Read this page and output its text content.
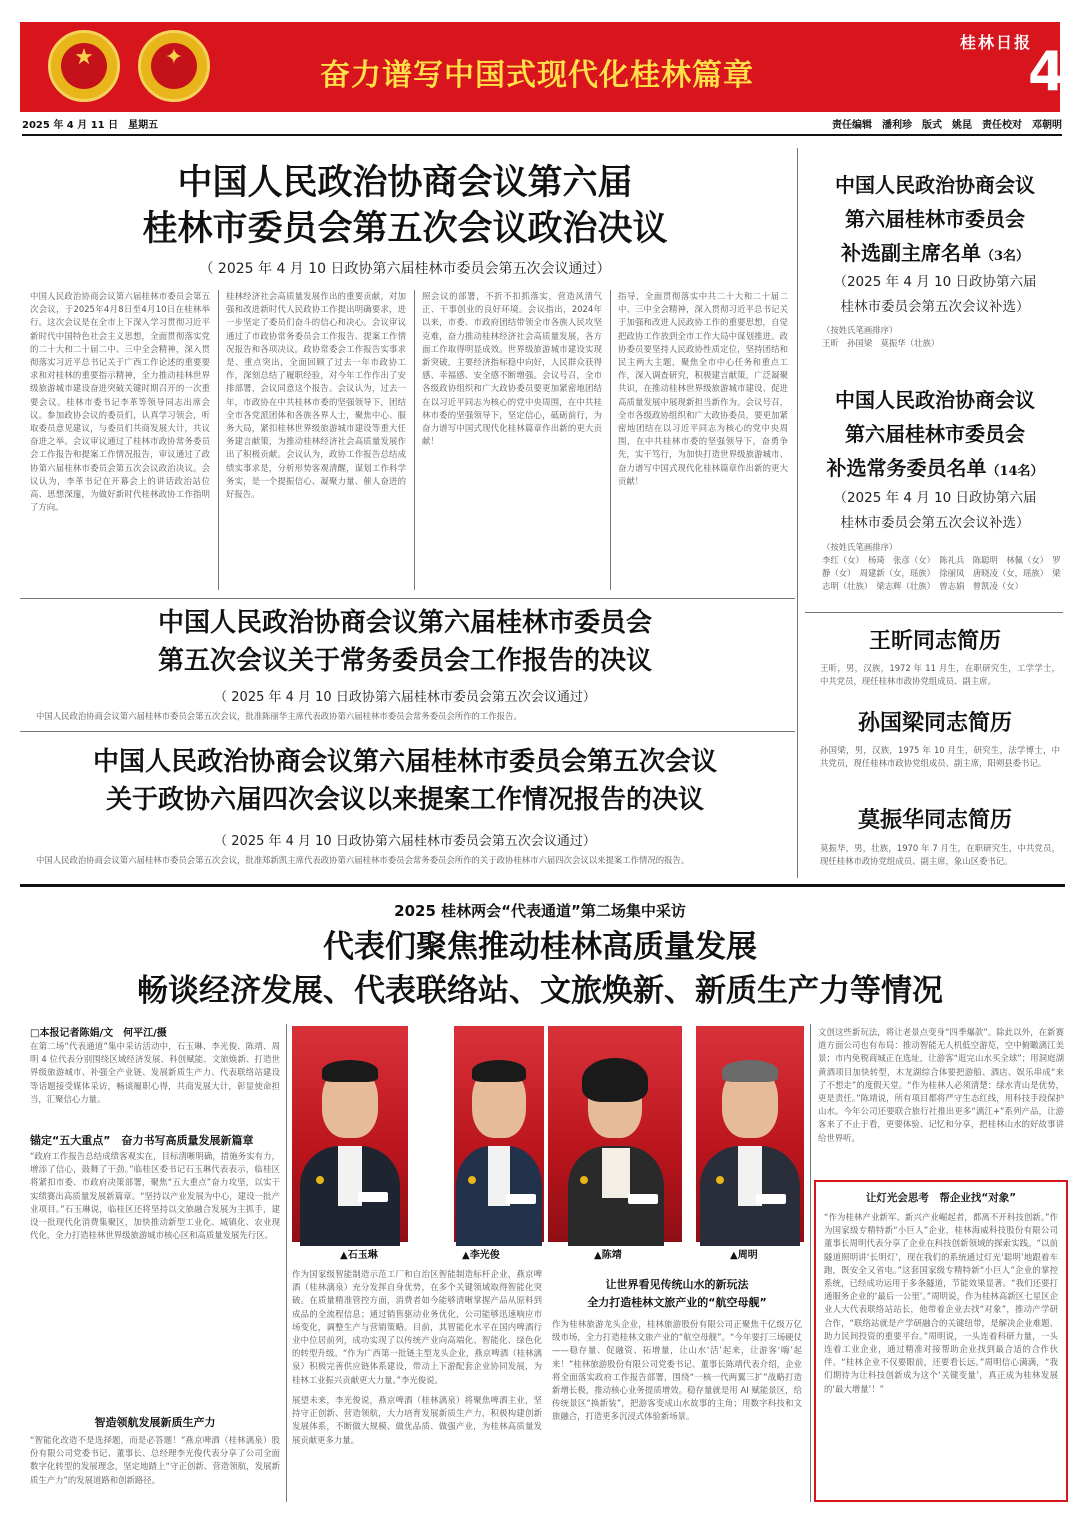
★	✦
奋力谱写中国式现代化桂林篇章
桂林日报
4
2025 年 4 月 11 日　星期五	责任编辑　潘利珍　版式　姚昆　责任校对　邓朝明
中国人民政治协商会议第六届
桂林市委员会第五次会议政治决议
（ 2025 年 4 月 10 日政协第六届桂林市委员会第五次会议通过）
中国人民政治协商会议第六届桂林市委员会第五次会议，于2025年4月8日至4月10日在桂林举行。这次会议是在全市上下深入学习贯彻习近平新时代中国特色社会主义思想，全面贯彻落实党的二十大和二十届二中、三中全会精神，深入贯彻落实习近平总书记关于广西工作论述的重要要求和对桂林的重要指示精神，全力推动桂林世界级旅游城市建设奋进突破关键时期召开的一次重要会议。桂林市委书记李革等领导同志出席会议。参加政协会议的委员们，认真学习领会，听取委员意见建议，与委员们共商发展大计，共议奋进之举。会议审议通过了桂林市政协常务委员会工作报告和提案工作情况报告，审议通过了政协第六届桂林市委员会第五次会议政治决议。会议认为，李革书记在开幕会上的讲话政治站位高、思想深邃，为做好新时代桂林政协工作指明了方向。
桂林经济社会高质量发展作出的重要贡献，对加强和改进新时代人民政协工作提出明确要求，进一步坚定了委员们奋斗的信心和决心。会议审议通过了市政协常务委员会工作报告、提案工作情况报告和各项决议。政协常委会工作报告实事求是、重点突出，全面回顾了过去一年市政协工作，深刻总结了履职经验，对今年工作作出了安排部署，会议同意这个报告。会议认为，过去一年，市政协在中共桂林市委的坚强领导下，团结全市各党派团体和各族各界人士，聚焦中心、服务大局，紧扣桂林世界级旅游城市建设等重大任务建言献策，为推动桂林经济社会高质量发展作出了积极贡献。会议认为，政协工作报告总结成绩实事求是，分析形势客观清醒，谋划工作科学务实，是一个提振信心、凝聚力量、催人奋进的好报告。
照会议的部署，不折不扣抓落实，营造风清气正、干事创业的良好环境。会议指出，2024年以来，市委、市政府团结带领全市各族人民攻坚克难，奋力推动桂林经济社会高质量发展，各方面工作取得明显成效。世界级旅游城市建设实现新突破，主要经济指标稳中向好，人民群众获得感、幸福感、安全感不断增强。会议号召，全市各级政协组织和广大政协委员要更加紧密地团结在以习近平同志为核心的党中央周围，在中共桂林市委的坚强领导下，坚定信心，砥砺前行，为奋力谱写中国式现代化桂林篇章作出新的更大贡献！
指导，全面贯彻落实中共二十大和二十届二中、三中全会精神，深入贯彻习近平总书记关于加强和改进人民政协工作的重要思想，自觉把政协工作放到全市工作大局中谋划推进。政协委员要坚持人民政协性质定位，坚持团结和民主两大主题，聚焦全市中心任务和重点工作，深入调查研究，积极建言献策，广泛凝聚共识，在推动桂林世界级旅游城市建设、促进高质量发展中展现新担当新作为。会议号召，全市各级政协组织和广大政协委员，要更加紧密地团结在以习近平同志为核心的党中央周围，在中共桂林市委的坚强领导下，奋勇争先，实干笃行，为加快打造世界级旅游城市、奋力谱写中国式现代化桂林篇章作出新的更大贡献！
中国人民政治协商会议第六届桂林市委员会
第五次会议关于常务委员会工作报告的决议
（ 2025 年 4 月 10 日政协第六届桂林市委员会第五次会议通过）
中国人民政治协商会议第六届桂林市委员会第五次会议，批准陈丽华主席代表政协第六届桂林市委员会常务委员会所作的工作报告。
中国人民政治协商会议第六届桂林市委员会第五次会议
关于政协六届四次会议以来提案工作情况报告的决议
（ 2025 年 4 月 10 日政协第六届桂林市委员会第五次会议通过）
中国人民政治协商会议第六届桂林市委员会第五次会议，批准郑新凯主席代表政协第六届桂林市委员会常务委员会所作的关于政协桂林市六届四次会议以来提案工作情况的报告。
中国人民政治协商会议
第六届桂林市委员会
补选副主席名单（3名）
（2025 年 4 月 10 日政协第六届
桂林市委员会第五次会议补选）
（按姓氏笔画排序）
王昕　孙国梁　莫振华（壮族）
中国人民政治协商会议
第六届桂林市委员会
补选常务委员名单（14名）
（2025 年 4 月 10 日政协第六届
桂林市委员会第五次会议补选）
（按姓氏笔画排序）
李红（女）　杨琦　张彦（女）　陈礼兵　陈聪明　林佩（女）　罗静（女）　周建新（女，瑶族）　徐丽凤　唐晓凌（女，瑶族）　梁志明（壮族）　梁志辉（壮族）　曾志娟　曾凯凌（女）
王昕同志简历
王昕，男，汉族，1972 年 11 月生，在职研究生，工学学士，中共党员，现任桂林市政协党组成员、副主席。
孙国梁同志简历
孙国梁，男，汉族，1975 年 10 月生，研究生，法学博士，中共党员，现任桂林市政协党组成员、副主席，阳朔县委书记。
莫振华同志简历
莫振华，男，壮族，1970 年 7 月生，在职研究生，中共党员，现任桂林市政协党组成员、副主席，象山区委书记。
2025 桂林两会“代表通道”第二场集中采访
代表们聚焦推动桂林高质量发展
畅谈经济发展、代表联络站、文旅焕新、新质生产力等情况
□本报记者陈娟/文　何平江/摄
在第二场“代表通道”集中采访活动中，石玉琳、李光俊、陈靖、周明 4 位代表分别围绕区域经济发展、科创赋能、文旅焕新、打造世界级旅游城市、补强全产业链、发展新质生产力、代表联络站建设等话题接受媒体采访，畅谈履职心得，共商发展大计，彰显使命担当，汇聚信心力量。
锚定“五大重点”　奋力书写高质量发展新篇章
“政府工作报告总结成绩客观实在，目标清晰明确，措施务实有力，增添了信心，鼓舞了干劲。”临桂区委书记石玉琳代表表示，临桂区将紧扣市委、市政府决策部署，聚焦“五大重点”奋力攻坚，以实干实绩赛出高质量发展新篇章。“坚持以产业发展为中心，建设一批产业项目。”石玉琳说，临桂区还将坚持以文旅融合发展为主抓手，建设一批现代化消费集聚区，加快推动新型工业化、城镇化、农业现代化，全力打造桂林世界级旅游城市核心区和高质量发展先行区。
智造领航发展新质生产力
“智能化改造不是选择题，而是必答题！”燕京啤酒（桂林漓泉）股份有限公司党委书记、董事长、总经理李光俊代表分享了公司全面数字化转型的发展理念，坚定地踏上“守正创新、营造领航，发展新质生产力”的发展道路和创新路径。
▲石玉琳	▲李光俊	▲陈靖	▲周明
作为国家级智能制造示范工厂和自治区智能制造标杆企业，燕京啤酒（桂林漓泉）充分发挥自身优势，在多个关键领域取得智能化突破。在质量精准管控方面，消费者如今能够清晰掌握产品从原料到成品的全流程信息；通过销售驱动业务优化，公司能够迅速响应市场变化，调整生产与营销策略。目前，其智能化水平在国内啤酒行业中位居前列，成功实现了以传统产业向高端化、智能化、绿色化的转型升级。“作为广西第一批链主型龙头企业，燕京啤酒（桂林漓泉）积极完善供应链体系建设，带动上下游配套企业协同发展，为桂林工业振兴贡献更大力量。”李光俊说。
展望未来，李光俊说，燕京啤酒（桂林漓泉）将聚焦啤酒主业，坚持守正创新、营造领航，大力培育发展新质生产力，积极构建创新发展体系，不断做大规模、做优品质、做强产业，为桂林高质量发展贡献更多力量。
让世界看见传统山水的新玩法
全力打造桂林文旅产业的“航空母舰”
作为桂林旅游龙头企业，桂林旅游股份有限公司正聚焦千亿级万亿级市场，全力打造桂林文旅产业的“航空母舰”。“今年要打三场硬仗——稳存量、促融资、拓增量，让山水‘活’起来，让游客‘嗨’起来！”桂林旅游股份有限公司党委书记、董事长陈靖代表介绍，企业将全面落实政府工作报告部署，围绕“一核一代两翼三扩”战略打造新增长极，推动核心业务提质增效。稳存量就是用 AI 赋能景区，给传统景区“换新装”，把游客变成山水故事的主角；用数字科技和文旅融合，打造更多沉浸式体验新场景。
文创这些新玩法，将让老景点变身“四季爆款”。除此以外，在新赛道方面公司也有布局：推动智能无人机低空游览，空中俯瞰漓江美景；市内免税商城正在选址，让游客“逛完山水买全球”；用洞庭湖黄酒项目加快转型，木龙湖综合体要把游船、酒店、娱乐串成“来了不想走”的度假天堂。“作为桂林人必须清楚：绿水青山是优势，更是责任。”陈靖说，所有项目都将严守生态红线，用科技手段保护山水。今年公司还要联合旅行社推出更多“漓江+”系列产品，让游客来了不止于看，更要体验、记忆和分享，把桂林山水的好故事讲给世界听。
让灯光会思考　帮企业找“对象”
“作为桂林产业新军、新兴产业崛起者，都离不开科技创新。”作为国家级专精特新“小巨人”企业，桂林海威科技股份有限公司董事长周明代表分享了企业在科技创新领域的探索实践。“以前隧道照明讲‘长明灯’，现在我们的系统通过灯光‘聪明’地跟着车跑，既安全又省电。”这套国家级专精特新“小巨人”企业的掌控系统，已经成功运用于多条隧道，节能效果显著。“我们还要打通服务企业的‘最后一公里’。”周明说，作为桂林高新区七星区企业人大代表联络站站长，他带着企业去找“对象”，推动产学研合作，“联络站就是产学研融合的关键纽带，是解决企业难题、助力民间投资的重要平台。”周明说，一头连着科研力量，一头连着工业企业，通过精准对接帮助企业找到最合适的合作伙伴。“桂林企业不仅要眼前，还要看长远。”周明信心满满，“我们期待为让科技创新成为这个‘关键变量’，真正成为桂林发展的‘最大增量’！”
